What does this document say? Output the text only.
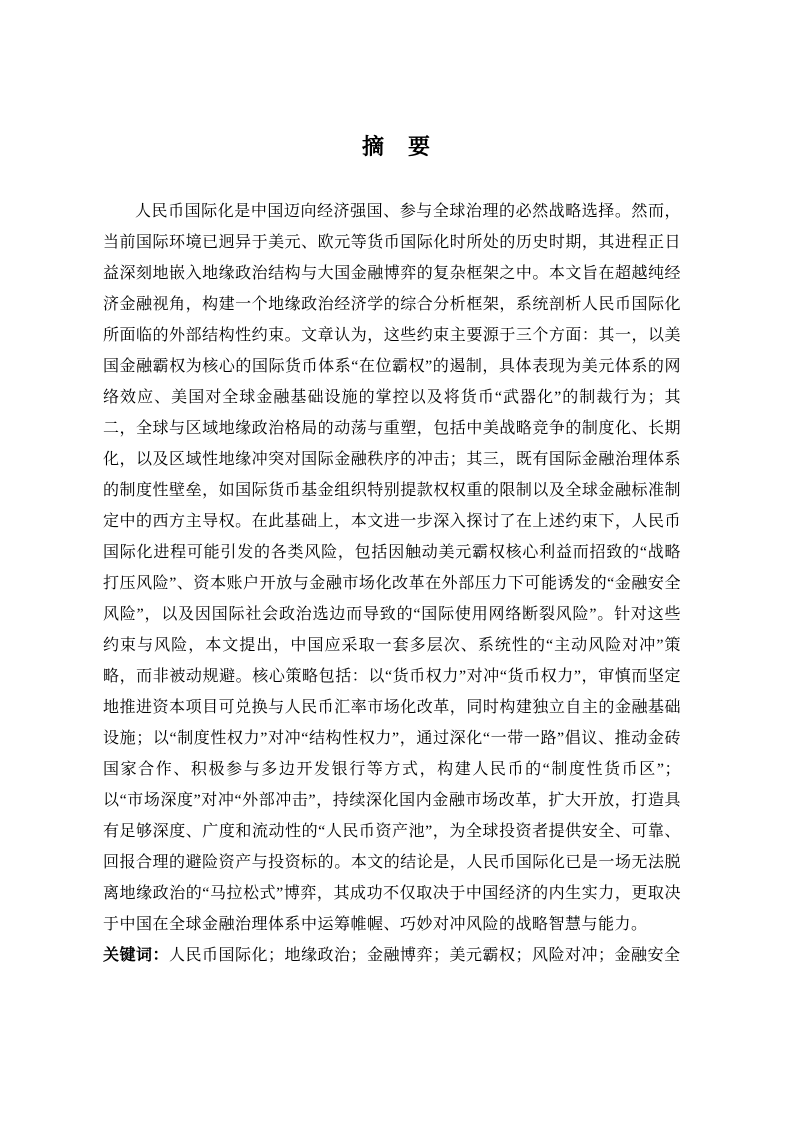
摘　要

人民币国际化是中国迈向经济强国、参与全球治理的必然战略选择。然而，当前国际环境已迥异于美元、欧元等货币国际化时所处的历史时期，其进程正日益深刻地嵌入地缘政治结构与大国金融博弈的复杂框架之中。本文旨在超越纯经济金融视角，构建一个地缘政治经济学的综合分析框架，系统剖析人民币国际化所面临的外部结构性约束。文章认为，这些约束主要源于三个方面：其一，以美国金融霸权为核心的国际货币体系“在位霸权”的遏制，具体表现为美元体系的网络效应、美国对全球金融基础设施的掌控以及将货币“武器化”的制裁行为；其二，全球与区域地缘政治格局的动荡与重塑，包括中美战略竞争的制度化、长期化，以及区域性地缘冲突对国际金融秩序的冲击；其三，既有国际金融治理体系的制度性壁垒，如国际货币基金组织特别提款权权重的限制以及全球金融标准制定中的西方主导权。在此基础上，本文进一步深入探讨了在上述约束下，人民币国际化进程可能引发的各类风险，包括因触动美元霸权核心利益而招致的“战略打压风险”、资本账户开放与金融市场化改革在外部压力下可能诱发的“金融安全风险”，以及因国际社会政治选边而导致的“国际使用网络断裂风险”。针对这些约束与风险，本文提出，中国应采取一套多层次、系统性的“主动风险对冲”策略，而非被动规避。核心策略包括：以“货币权力”对冲“货币权力”，审慎而坚定地推进资本项目可兑换与人民币汇率市场化改革，同时构建独立自主的金融基础设施；以“制度性权力”对冲“结构性权力”，通过深化“一带一路”倡议、推动金砖国家合作、积极参与多边开发银行等方式，构建人民币的“制度性货币区”；以“市场深度”对冲“外部冲击”，持续深化国内金融市场改革，扩大开放，打造具有足够深度、广度和流动性的“人民币资产池”，为全球投资者提供安全、可靠、回报合理的避险资产与投资标的。本文的结论是，人民币国际化已是一场无法脱离地缘政治的“马拉松式”博弈，其成功不仅取决于中国经济的内生实力，更取决于中国在全球金融治理体系中运筹帷幄、巧妙对冲风险的战略智慧与能力。

关键词：人民币国际化；地缘政治；金融博弈；美元霸权；风险对冲；金融安全
